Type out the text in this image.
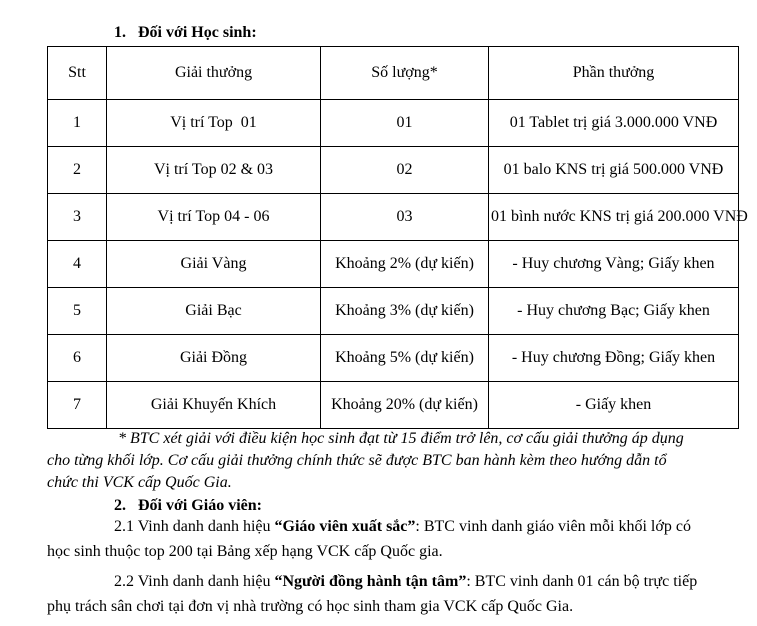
1. Đối với Học sinh:
Stt	Giải thưởng	Số lượng*	Phần thưởng
1	Vị trí Top  01	01	01 Tablet trị giá 3.000.000 VNĐ
2	Vị trí Top 02 & 03	02	01 balo KNS trị giá 500.000 VNĐ
3	Vị trí Top 04 - 06	03	01 bình nước KNS trị giá 200.000 VNĐ
4	Giải Vàng	Khoảng 2% (dự kiến)	- Huy chương Vàng; Giấy khen
5	Giải Bạc	Khoảng 3% (dự kiến)	- Huy chương Bạc; Giấy khen
6	Giải Đồng	Khoảng 5% (dự kiến)	- Huy chương Đồng; Giấy khen
7	Giải Khuyến Khích	Khoảng 20% (dự kiến)	- Giấy khen

* BTC xét giải với điều kiện học sinh đạt từ 15 điểm trở lên, cơ cấu giải thưởng áp dụng cho từng khối lớp. Cơ cấu giải thưởng chính thức sẽ được BTC ban hành kèm theo hướng dẫn tổ chức thi VCK cấp Quốc Gia.

2. Đối với Giáo viên:

2.1 Vinh danh danh hiệu “Giáo viên xuất sắc”: BTC vinh danh giáo viên mỗi khối lớp có học sinh thuộc top 200 tại Bảng xếp hạng VCK cấp Quốc gia.

2.2 Vinh danh danh hiệu “Người đồng hành tận tâm”: BTC vinh danh 01 cán bộ trực tiếp phụ trách sân chơi tại đơn vị nhà trường có học sinh tham gia VCK cấp Quốc Gia.
